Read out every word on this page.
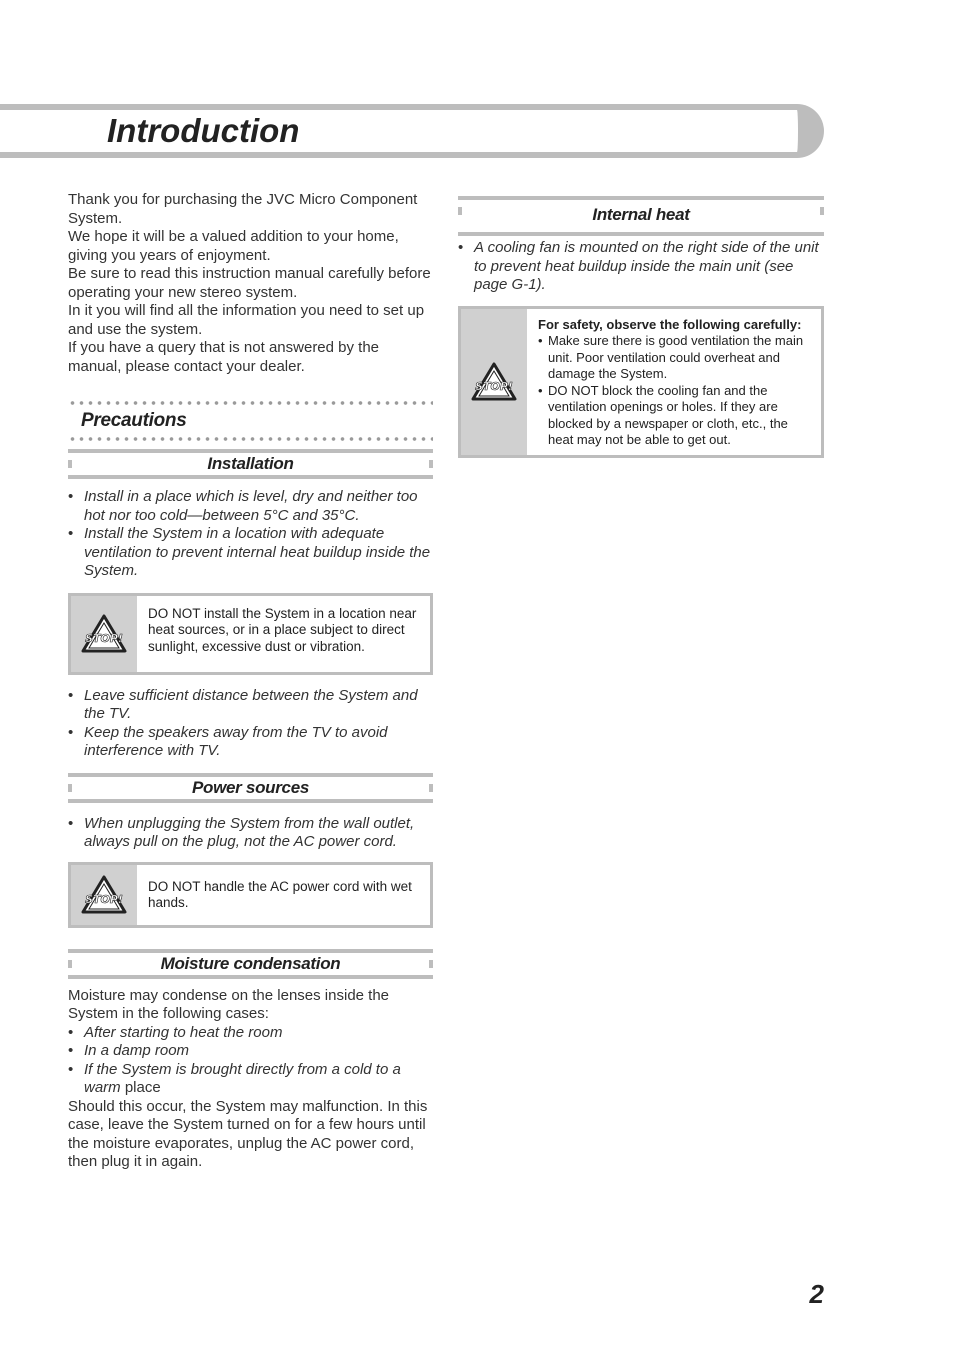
Introduction

Thank you for purchasing the JVC Micro Component System.

We hope it will be a valued addition to your home, giving you years of enjoyment.

Be sure to read this instruction manual carefully before operating your new stereo system.

In it you will find all the information you need to set up and use the system.

If you have a query that is not answered by the manual, please contact your dealer.

Precautions
Installation
• Install in a place which is level, dry and neither too hot nor too cold—between 5°C and 35°C.
• Install the System in a location with adequate ventilation to prevent internal heat buildup inside the System.
STOP!
DO NOT install the System in a location near heat sources, or in a place subject to direct sunlight, excessive dust or vibration.
• Leave sufficient distance between the System and the TV.
• Keep the speakers away from the TV to avoid interference with TV.
Power sources
• When unplugging the System from the wall outlet, always pull on the plug, not the AC power cord.
STOP!
DO NOT handle the AC power cord with wet hands.
Moisture condensation

Moisture may condense on the lenses inside the System in the following cases:

• After starting to heat the room
• In a damp room
• If the System is brought directly from a cold to a warm place

Should this occur, the System may malfunction. In this case, leave the System turned on for a few hours until the moisture evaporates, unplug the AC power cord, then plug it in again.

Internal heat
• A cooling fan is mounted on the right side of the unit to prevent heat buildup inside the main unit (see page G-1).
STOP!
For safety, observe the following carefully:
• Make sure there is good ventilation the main unit. Poor ventilation could overheat and damage the System.
• DO NOT block the cooling fan and the ventilation openings or holes. If they are blocked by a newspaper or cloth, etc., the heat may not be able to get out.
2
